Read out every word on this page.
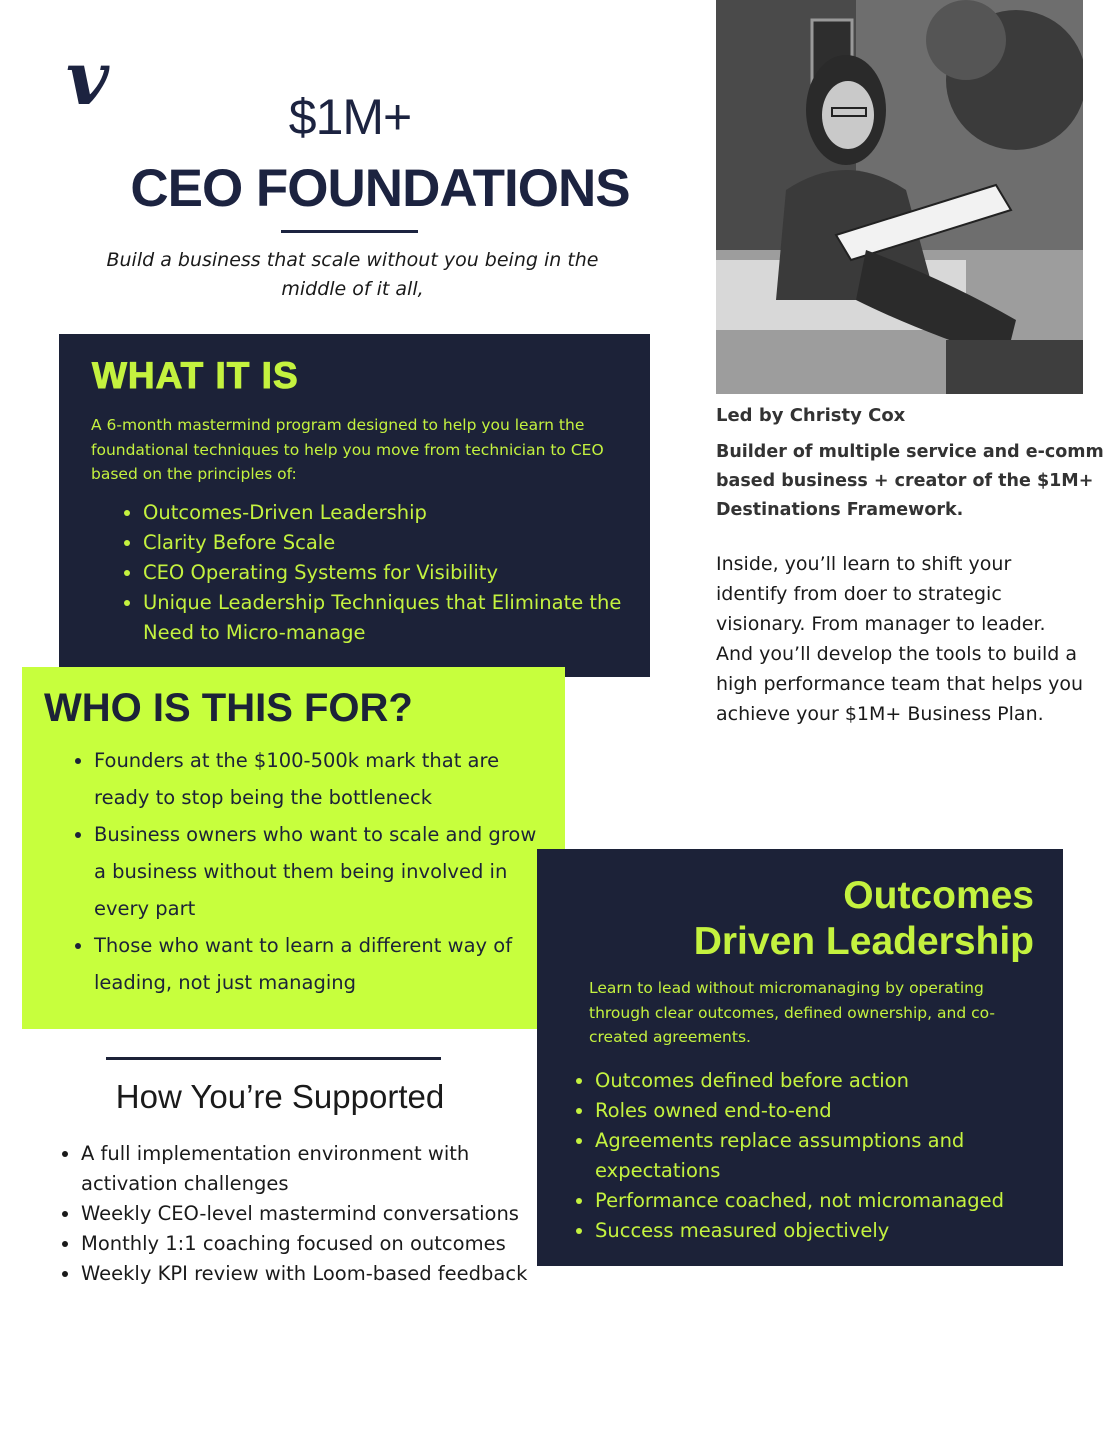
v	$1M+
CEO FOUNDATIONS
Build a business that scale without you being in the middle of it all,
Led by Christy Cox
Builder of multiple service and e-comm based business + creator of the $1M+ Destinations Framework.
Inside, you’ll learn to shift your identify from doer to strategic visionary. From manager to leader. And you’ll develop the tools to build a high performance team that helps you achieve your $1M+ Business Plan.
WHAT IT IS
A 6-month mastermind program designed to help you learn the foundational techniques to help you move from technician to CEO based on the principles of:
• Outcomes-Driven Leadership
• Clarity Before Scale
• CEO Operating Systems for Visibility
• Unique Leadership Techniques that Eliminate the Need to Micro-manage
WHO IS THIS FOR?
• Founders at the $100-500k mark that are ready to stop being the bottleneck
• Business owners who want to scale and grow a business without them being involved in every part
• Those who want to learn a different way of leading, not just managing
How You’re Supported
• A full implementation environment with activation challenges
• Weekly CEO-level mastermind conversations
• Monthly 1:1 coaching focused on outcomes
• Weekly KPI review with Loom-based feedback
Outcomes
Driven Leadership
Learn to lead without micromanaging by operating through clear outcomes, defined ownership, and co-created agreements.
• Outcomes defined before action
• Roles owned end-to-end
• Agreements replace assumptions and expectations
• Performance coached, not micromanaged
• Success measured objectively
